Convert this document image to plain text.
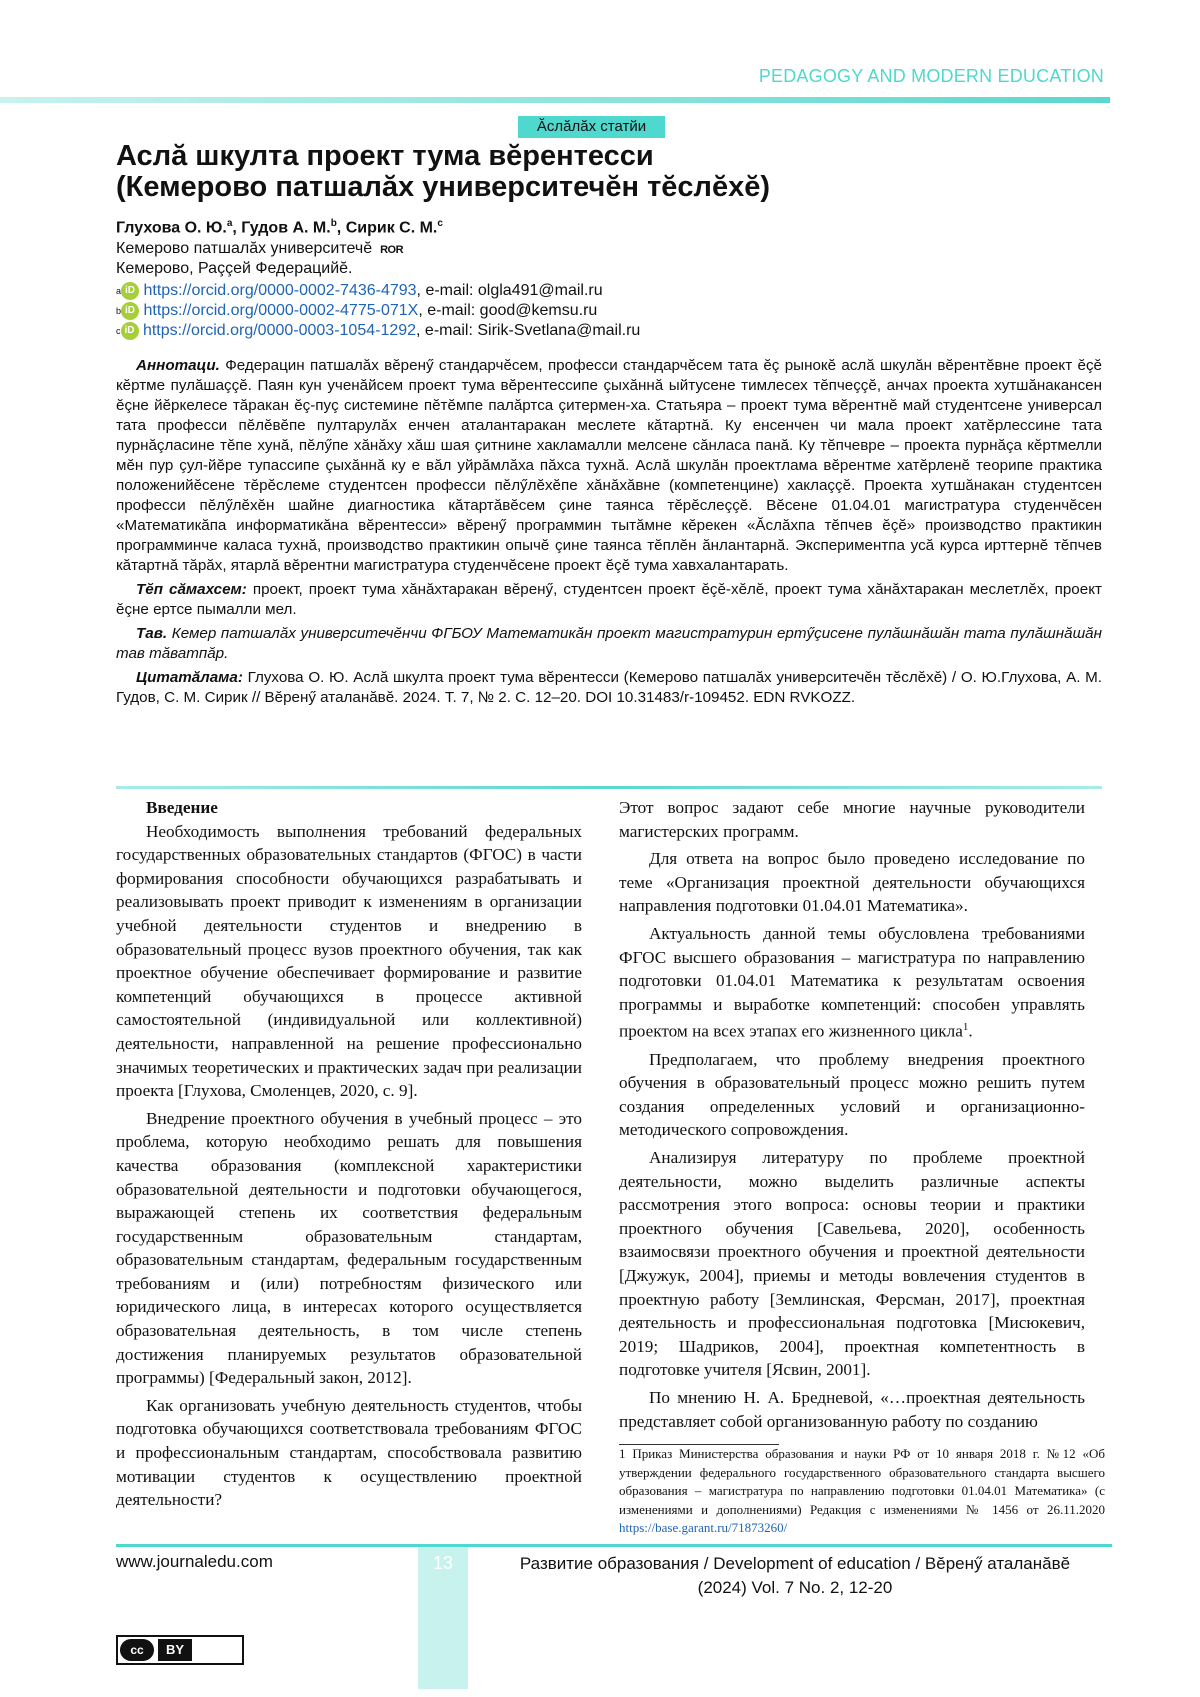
PEDAGOGY AND MODERN EDUCATION
Ăслăлăх статйи
Аслă шкулта проект тума вĕрентесси
(Кемерово патшалăх университечĕн тĕслĕхĕ)
Глухова О. Ю.$^a$, Гудов А. М.$^b$, Сирик С. М.$^c$
Кемерово патшалăх университечĕ ROR
Кемерово, Раççей Федерацийĕ.
$^a$ iD https://orcid.org/0000-0002-7436-4793, e-mail: olgla491@mail.ru
$^b$ iD https://orcid.org/0000-0002-4775-071X, e-mail: good@kemsu.ru
$^c$ iD https://orcid.org/0000-0003-1054-1292, e-mail: Sirik-Svetlana@mail.ru

Аннотаци. Федерацин патшалăх вĕренӳ стандарчĕсем, професси стандарчĕсем тата ĕç рынокĕ аслă шкулăн вĕрентĕвне проект ĕçĕ кĕртме пулăшаççĕ. Паян кун ученăйсем проект тума вĕрентессипе çыхăннă ыйтусене тимлесех тĕпчеççĕ, анчах проекта хутшăнакансен ĕçне йĕркелесе тăракан ĕç-пуç системине пĕтĕмпе палăртса çитермен-ха. Статьяра – проект тума вĕрентнĕ май студентсене универсал тата професси пĕлĕвĕпе пултарулăх енчен аталантаракан меслете кăтартнă. Ку енсенчен чи мала проект хатĕрлессине тата пурнăçласине тĕпе хунă, пĕлӳпе хăнăху хăш шая çитнине хакламалли мелсене сăнласа панă. Ку тĕпчевре – проекта пурнăçа кĕртмелли мĕн пур çул-йĕре тупассипе çыхăннă ку е вăл уйрăмлăха пăхса тухнă. Аслă шкулăн проектлама вĕрентме хатĕрленĕ теорипе практика положенийĕсене тĕрĕслеме студентсен професси пĕлӳлĕхĕпе хăнăхăвне (компетенцине) хаклаççĕ. Проекта хутшăнакан студентсен професси пĕлӳлĕхĕн шайне диагностика кăтартăвĕсем çине таянса тĕрĕслеççĕ. Вĕсене 01.04.01 магистратура студенчĕсен «Математикăпа информатикăна вĕрентесси» вĕренӳ программин тытăмне кĕрекен «Ăслăхпа тĕпчев ĕçĕ» производство практикин программинче каласа тухнă, производство практикин опычĕ çине таянса тĕплĕн ăнлантарнă. Экспериментпа усă курса ирттернĕ тĕпчев кăтартнă тăрăх, ятарлă вĕрентни магистратура студенчĕсене проект ĕçĕ тума хавхалантарать.

Тĕп сăмахсем: проект, проект тума хăнăхтаракан вĕренӳ, студентсен проект ĕçĕ-хĕлĕ, проект тума хăнăхтаракан меслетлĕх, проект ĕçне ертсе пымалли мел.

Тав. Кемер патшалăх университечĕнчи ФГБОУ Математикăн проект магистратурин ертӳçисене пулăшнăшăн тата пулăшнăшăн тав тăватпăр.

Цитатăлама: Глухова О. Ю. Аслă шкулта проект тума вĕрентесси (Кемерово патшалăх университечĕн тĕслĕхĕ) / О. Ю.Глухова, А. М. Гудов, С. М. Сирик // Вĕренӳ аталанăвĕ. 2024. Т. 7, № 2. С. 12–20. DOI 10.31483/r-109452. EDN RVKOZZ.

Введение

Необходимость выполнения требований федеральных государственных образовательных стандартов (ФГОС) в части формирования способности обучающихся разрабатывать и реализовывать проект приводит к изменениям в организации учебной деятельности студентов и внедрению в образовательный процесс вузов проектного обучения, так как проектное обучение обеспечивает формирование и развитие компетенций обучающихся в процессе активной самостоятельной (индивидуальной или коллективной) деятельности, направленной на решение профессионально значимых теоретических и практических задач при реализации проекта [Глухова, Смоленцев, 2020, с. 9].

Внедрение проектного обучения в учебный процесс – это проблема, которую необходимо решать для повышения качества образования (комплексной характеристики образовательной деятельности и подготовки обучающегося, выражающей степень их соответствия федеральным государственным образовательным стандартам, образовательным стандартам, федеральным государственным требованиям и (или) потребностям физического или юридического лица, в интересах которого осуществляется образовательная деятельность, в том числе степень достижения планируемых результатов образовательной программы) [Федеральный закон, 2012].

Как организовать учебную деятельность студентов, чтобы подготовка обучающихся соответствовала требованиям ФГОС и профессиональным стандартам, способствовала развитию мотивации студентов к осуществлению проектной деятельности?

Этот вопрос задают себе многие научные руководители магистерских программ.

Для ответа на вопрос было проведено исследование по теме «Организация проектной деятельности обучающихся направления подготовки 01.04.01 Математика».

Актуальность данной темы обусловлена требованиями ФГОС высшего образования – магистратура по направлению подготовки 01.04.01 Математика к результатам освоения программы и выработке компетенций: способен управлять проектом на всех этапах его жизненного цикла$^1$.

Предполагаем, что проблему внедрения проектного обучения в образовательный процесс можно решить путем создания определенных условий и организационно-методического сопровождения.

Анализируя литературу по проблеме проектной деятельности, можно выделить различные аспекты рассмотрения этого вопроса: основы теории и практики проектного обучения [Савельева, 2020], особенность взаимосвязи проектного обучения и проектной деятельности [Джужук, 2004], приемы и методы вовлечения студентов в проектную работу [Землинская, Ферсман, 2017], проектная деятельность и профессиональная подготовка [Мисюкевич, 2019; Шадриков, 2004], проектная компетентность в подготовке учителя [Ясвин, 2001].

По мнению Н. А. Бредневой, «…проектная деятельность представляет собой организованную работу по созданию

1 Приказ Министерства образования и науки РФ от 10 января 2018 г. №12 «Об утверждении федерального государственного образовательного стандарта высшего образования – магистратура по направлению подготовки 01.04.01 Математика» (с изменениями и дополнениями) Редакция с изменениями № 1456 от 26.11.2020 https://base.garant.ru/71873260/
13
www.journaledu.com	Развитие образования / Development of education / Вĕренӳ аталанăвĕ
(2024) Vol. 7 No. 2, 12-20
cc	BY
